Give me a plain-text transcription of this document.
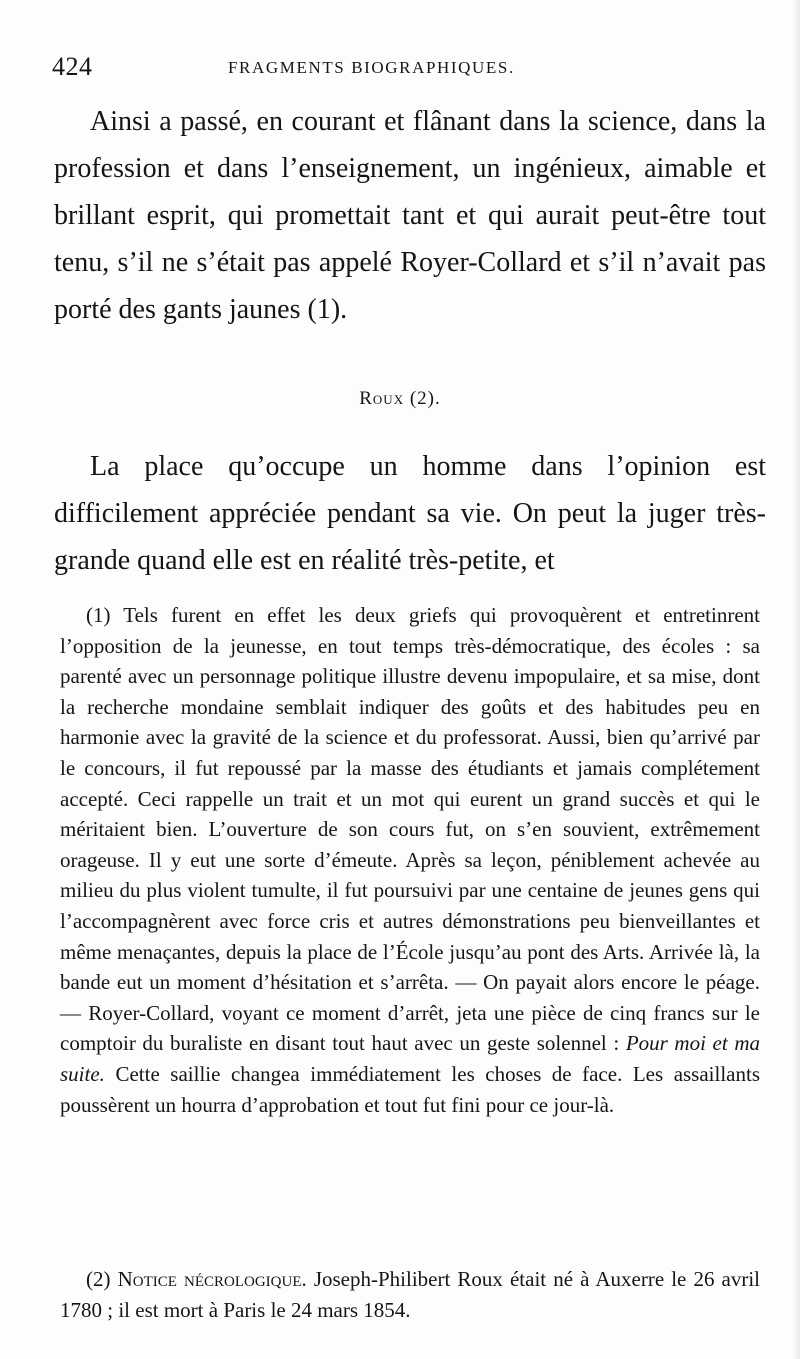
424	FRAGMENTS BIOGRAPHIQUES.

Ainsi a passé, en courant et flânant dans la science, dans la profession et dans l’enseignement, un ingénieux, aimable et brillant esprit, qui promettait tant et qui aurait peut-être tout tenu, s’il ne s’était pas appelé Royer-Collard et s’il n’avait pas porté des gants jaunes (1).

Roux (2).

La place qu’occupe un homme dans l’opinion est difficilement appréciée pendant sa vie. On peut la juger très-grande quand elle est en réalité très-petite, et

(1) Tels furent en effet les deux griefs qui provoquèrent et entretinrent l’opposition de la jeunesse, en tout temps très-démocratique, des écoles : sa parenté avec un personnage politique illustre devenu impopulaire, et sa mise, dont la recherche mondaine semblait indiquer des goûts et des habitudes peu en harmonie avec la gravité de la science et du professorat. Aussi, bien qu’arrivé par le concours, il fut repoussé par la masse des étudiants et jamais complétement accepté. Ceci rappelle un trait et un mot qui eurent un grand succès et qui le méritaient bien. L’ouverture de son cours fut, on s’en souvient, extrêmement orageuse. Il y eut une sorte d’émeute. Après sa leçon, péniblement achevée au milieu du plus violent tumulte, il fut poursuivi par une centaine de jeunes gens qui l’accompagnèrent avec force cris et autres démonstrations peu bienveillantes et même menaçantes, depuis la place de l’École jusqu’au pont des Arts. Arrivée là, la bande eut un moment d’hésitation et s’arrêta. — On payait alors encore le péage. — Royer-Collard, voyant ce moment d’arrêt, jeta une pièce de cinq francs sur le comptoir du buraliste en disant tout haut avec un geste solennel : Pour moi et ma suite. Cette saillie changea immédiatement les choses de face. Les assaillants poussèrent un hourra d’approbation et tout fut fini pour ce jour-là.

(2) Notice nécrologique. Joseph-Philibert Roux était né à Auxerre le 26 avril 1780 ; il est mort à Paris le 24 mars 1854.
